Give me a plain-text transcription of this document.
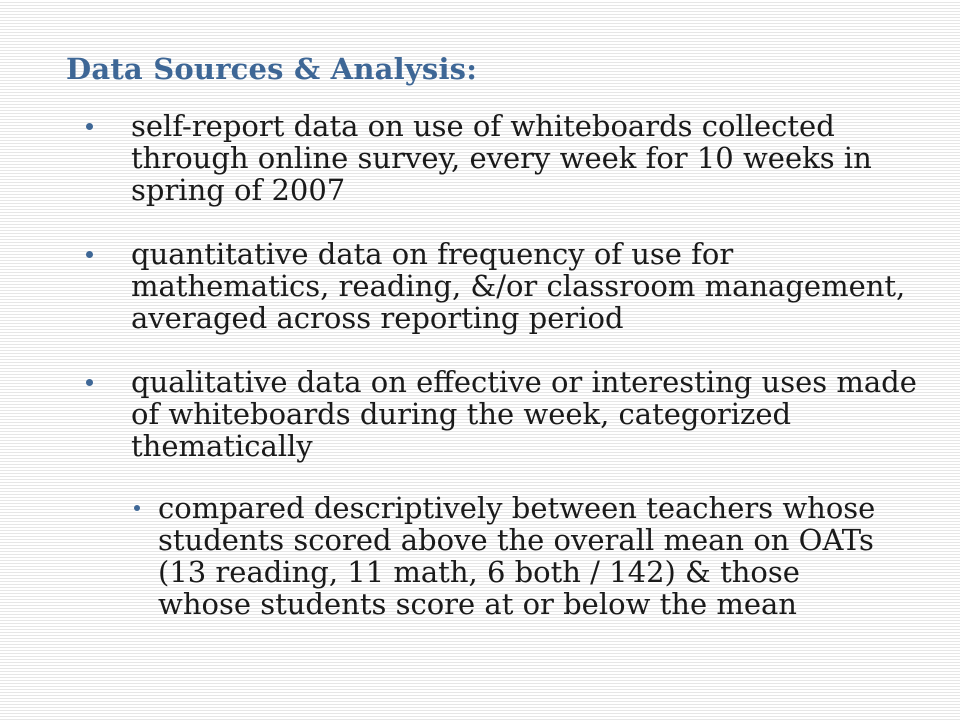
Data Sources & Analysis:
self-report data on use of whiteboards collected through online survey, every week for 10 weeks in spring of 2007
quantitative data on frequency of use for mathematics, reading, &/or classroom management, averaged across reporting period
qualitative data on effective or interesting uses made of whiteboards during the week, categorized thematically
compared descriptively between teachers whose students scored above the overall mean on OATs (13 reading, 11 math, 6 both / 142) & those whose students score at or below the mean
